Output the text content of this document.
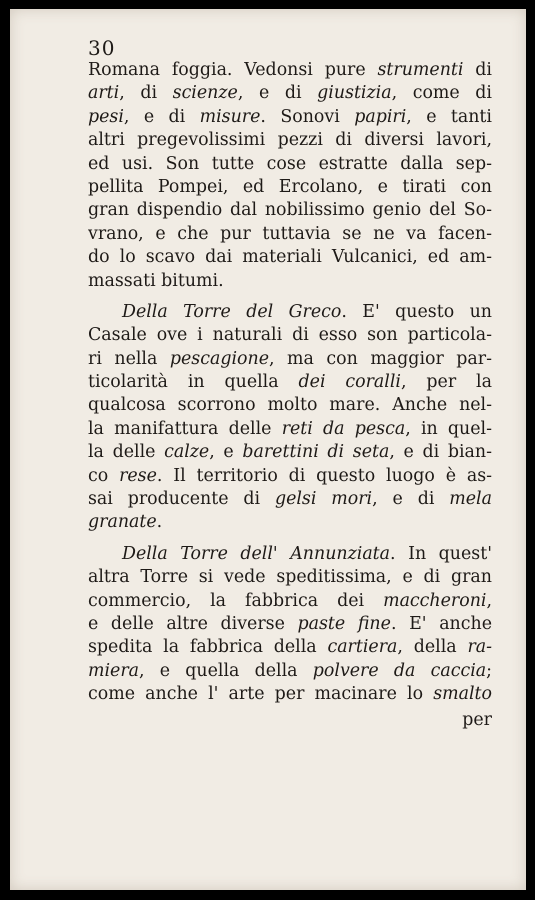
30
Romana foggia. Vedonsi pure strumenti di
arti, di scienze, e di giustizia, come di
pesi, e di misure. Sonovi papiri, e tanti
altri pregevolissimi pezzi di diversi lavori,
ed usi. Son tutte cose estratte dalla sep-
pellita Pompei, ed Ercolano, e tirati con
gran dispendio dal nobilissimo genio del So-
vrano, e che pur tuttavia se ne va facen-
do lo scavo dai materiali Vulcanici, ed am-
massati bitumi.
Della Torre del Greco. E' questo un
Casale ove i naturali di esso son particola-
ri nella pescagione, ma con maggior par-
ticolarità in quella dei coralli, per la
qualcosa scorrono molto mare. Anche nel-
la manifattura delle reti da pesca, in quel-
la delle calze, e barettini di seta, e di bian-
co rese. Il territorio di questo luogo è as-
sai producente di gelsi mori, e di mela
granate.
Della Torre dell' Annunziata. In quest'
altra Torre si vede speditissima, e di gran
commercio, la fabbrica dei maccheroni,
e delle altre diverse paste fine. E' anche
spedita la fabbrica della cartiera, della ra-
miera, e quella della polvere da caccia;
come anche l' arte per macinare lo smalto
per
